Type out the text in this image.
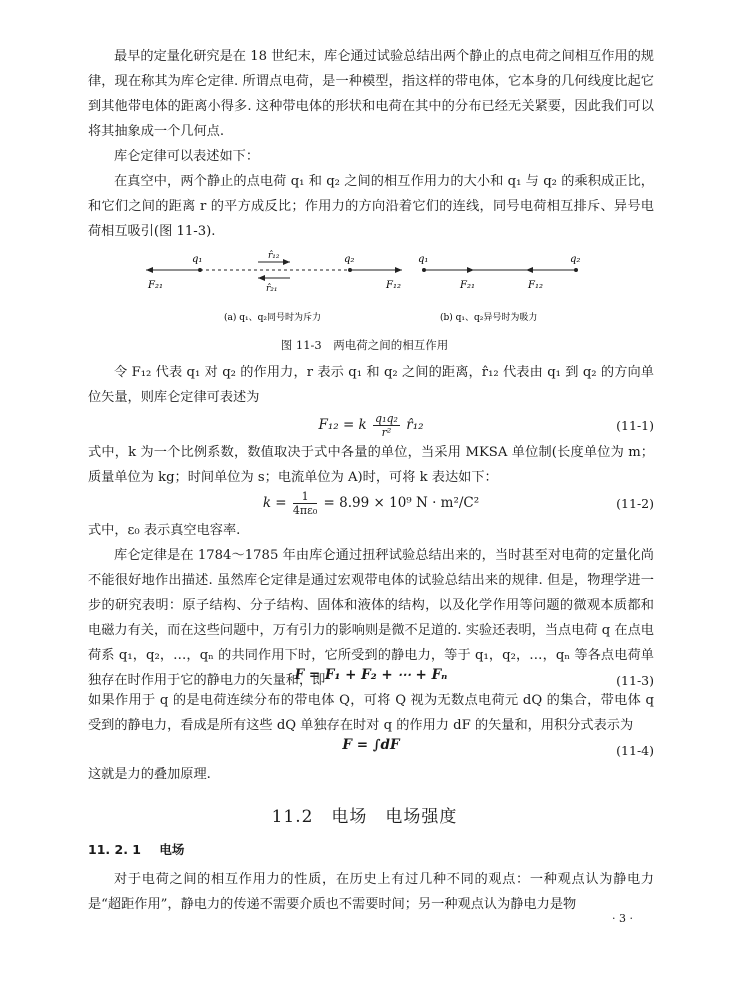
最早的定量化研究是在 18 世纪末，库仑通过试验总结出两个静止的点电荷之间相互作用的规律，现在称其为库仑定律. 所谓点电荷，是一种模型，指这样的带电体，它本身的几何线度比起它到其他带电体的距离小得多. 这种带电体的形状和电荷在其中的分布已经无关紧要，因此我们可以将其抽象成一个几何点.

库仑定律可以表述如下：

在真空中，两个静止的点电荷 q₁ 和 q₂ 之间的相互作用力的大小和 q₁ 与 q₂ 的乘积成正比，和它们之间的距离 r 的平方成反比；作用力的方向沿着它们的连线，同号电荷相互排斥、异号电荷相互吸引(图 11-3).

q₁	q₂
r̂₁₂
r̂₂₁
F₂₁	F₁₂
(a) q₁、q₂同号时为斥力
q₁	q₂
F₂₁	F₁₂
(b) q₁、q₂异号时为吸力
图 11-3　两电荷之间的相互作用

令 F₁₂ 代表 q₁ 对 q₂ 的作用力，r 表示 q₁ 和 q₂ 之间的距离，r̂₁₂ 代表由 q₁ 到 q₂ 的方向单位矢量，则库仑定律可表述为

F₁₂ = k $\frac{\text{q₁q₂}}{\text{r²}}$ r̂₁₂	(11-1)

式中，k 为一个比例系数，数值取决于式中各量的单位，当采用 MKSA 单位制(长度单位为 m；质量单位为 kg；时间单位为 s；电流单位为 A)时，可将 k 表达如下：

$k = \frac{1}{\text{4πε₀}} = 8.99 \times 10^9$ N · m²/C²	(11-2)

式中，ε₀ 表示真空电容率.

库仑定律是在 1784～1785 年由库仑通过扭秤试验总结出来的，当时甚至对电荷的定量化尚不能很好地作出描述. 虽然库仑定律是通过宏观带电体的试验总结出来的规律. 但是，物理学进一步的研究表明：原子结构、分子结构、固体和液体的结构，以及化学作用等问题的微观本质都和电磁力有关，而在这些问题中，万有引力的影响则是微不足道的. 实验还表明，当点电荷 q 在点电荷系 q₁，q₂，…，qₙ 的共同作用下时，它所受到的静电力，等于 q₁，q₂，…，qₙ 等各点电荷单独存在时作用于它的静电力的矢量和，即

F = F₁ + F₂ + ⋯ + Fₙ	(11-3)

如果作用于 q 的是电荷连续分布的带电体 Q，可将 Q 视为无数点电荷元 dQ 的集合，带电体 q 受到的静电力，看成是所有这些 dQ 单独存在时对 q 的作用力 dF 的矢量和，用积分式表示为

F = ∫dF	(11-4)

这就是力的叠加原理.

11.2　电场　电场强度
11. 2. 1 电场

对于电荷之间的相互作用力的性质，在历史上有过几种不同的观点：一种观点认为静电力是“超距作用”，静电力的传递不需要介质也不需要时间；另一种观点认为静电力是物

· 3 ·
